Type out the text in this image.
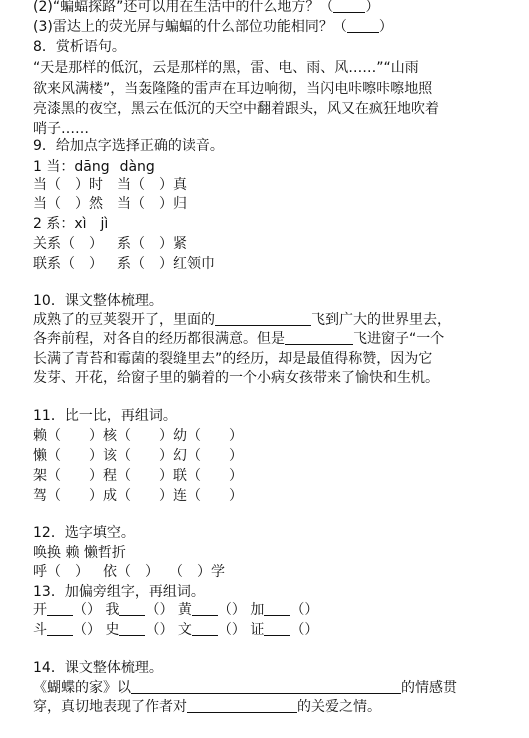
(2)“蝙蝠探路”还可以用在生活中的什么地方？（ ）
(3)雷达上的荧光屏与蝙蝠的什么部位功能相同？（ ）
8．赏析语句。
“天是那样的低沉，云是那样的黑，雷、电、雨、风……”“山雨
欲来风满楼”，当轰隆隆的雷声在耳边响彻，当闪电咔嚓咔嚓地照
亮漆黑的夜空，黑云在低沉的天空中翻着跟头，风又在疯狂地吹着
哨子……
9．给加点字选择正确的读音。
1 当：dāng dàng
当（　）时 当（　）真
当（　）然 当（　）归
2 系：xì jì
关系（　） 系（　）紧
联系（　） 系（　）红领巾
10．课文整体梳理。
成熟了的豆荚裂开了，里面的	飞到广大的世界里去，
各奔前程，对各自的经历都很满意。但是	飞进窗子“一个
长满了青苔和霉菌的裂缝里去”的经历，却是最值得称赞，因为它
发芽、开花，给窗子里的躺着的一个小病女孩带来了愉快和生机。
11．比一比，再组词。
赖（　　）核（　　）幼（　　）
懒（　　）该（　　）幻（　　）
架（　　）程（　　）联（　　）
驾（　　）成（　　）连（　　）
12．选字填空。
唤换 赖 懒哲折
呼（　） 依（　） （　）学
13．加偏旁组字，再组词。
开 （） 我 （） 黄 （） 加 （）
斗 （） 史 （） 文 （） 证 （）
14．课文整体梳理。
《蝴蝶的家》以	的情感贯
穿，真切地表现了作者对	的关爱之情。
